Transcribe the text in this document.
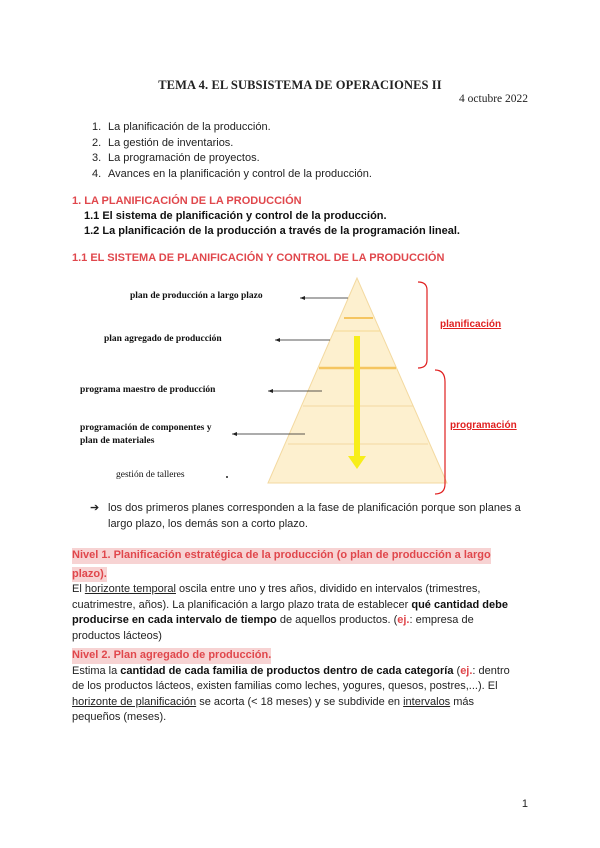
TEMA 4. EL SUBSISTEMA DE OPERACIONES II
4 octubre 2022
1. La planificación de la producción.
2. La gestión de inventarios.
3. La programación de proyectos.
4. Avances en la planificación y control de la producción.
1. LA PLANIFICACIÓN DE LA PRODUCCIÓN
1.1 El sistema de planificación y control de la producción.
1.2 La planificación de la producción a través de la programación lineal.
1.1 EL SISTEMA DE PLANIFICACIÓN Y CONTROL DE LA PRODUCCIÓN
plan de producción a largo plazo
plan agregado de producción
programa maestro de producción
programación de componentes y
plan de materiales
gestión de talleres
planificación
programación
➔ los dos primeros planes corresponden a la fase de planificación porque son planes a
largo plazo, los demás son a corto plazo.
Nivel 1. Planificación estratégica de la producción (o plan de producción a largo
plazo).
El horizonte temporal oscila entre uno y tres años, dividido en intervalos (trimestres,
cuatrimestre, años). La planificación a largo plazo trata de establecer qué cantidad debe
producirse en cada intervalo de tiempo de aquellos productos. (ej.: empresa de
productos lácteos)
Nivel 2. Plan agregado de producción.
Estima la cantidad de cada familia de productos dentro de cada categoría (ej.: dentro
de los productos lácteos, existen familias como leches, yogures, quesos, postres,...). El
horizonte de planificación se acorta (< 18 meses) y se subdivide en intervalos más
pequeños (meses).
1
